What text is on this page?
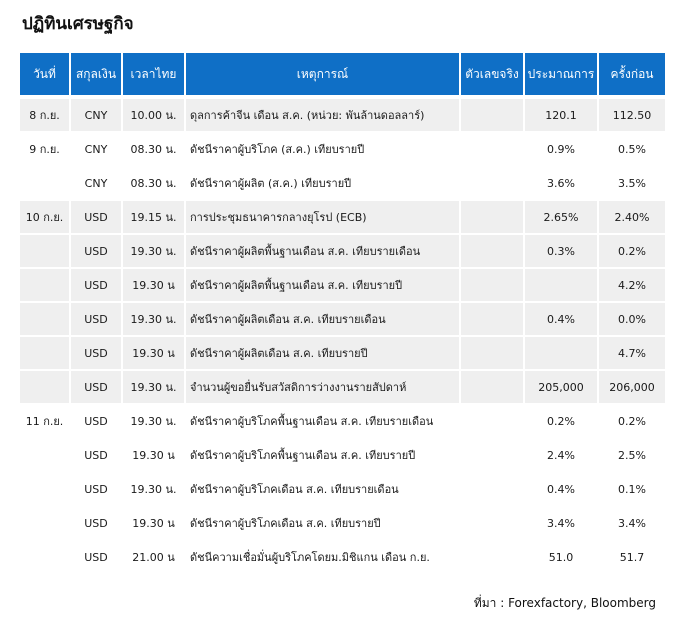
ปฏิทินเศรษฐกิจ
วันที่	สกุลเงิน	เวลาไทย	เหตุการณ์	ตัวเลขจริง	ประมาณการ	ครั้งก่อน
8 ก.ย.	CNY	10.00 น.	ดุลการค้าจีน เดือน ส.ค. (หน่วย: พันล้านดอลลาร์)		120.1	112.50
9 ก.ย.	CNY	08.30 น.	ดัชนีราคาผู้บริโภค (ส.ค.) เทียบรายปี		0.9%	0.5%
	CNY	08.30 น.	ดัชนีราคาผู้ผลิต (ส.ค.) เทียบรายปี		3.6%	3.5%
10 ก.ย.	USD	19.15 น.	การประชุมธนาคารกลางยุโรป (ECB)		2.65%	2.40%
	USD	19.30 น.	ดัชนีราคาผู้ผลิตพื้นฐานเดือน ส.ค. เทียบรายเดือน		0.3%	0.2%
	USD	19.30 น	ดัชนีราคาผู้ผลิตพื้นฐานเดือน ส.ค. เทียบรายปี			4.2%
	USD	19.30 น.	ดัชนีราคาผู้ผลิตเดือน ส.ค. เทียบรายเดือน		0.4%	0.0%
	USD	19.30 น	ดัชนีราคาผู้ผลิตเดือน ส.ค. เทียบรายปี			4.7%
	USD	19.30 น.	จำนวนผู้ขอยื่นรับสวัสดิการว่างงานรายสัปดาห์		205,000	206,000
11 ก.ย.	USD	19.30 น.	ดัชนีราคาผู้บริโภคพื้นฐานเดือน ส.ค. เทียบรายเดือน		0.2%	0.2%
	USD	19.30 น	ดัชนีราคาผู้บริโภคพื้นฐานเดือน ส.ค. เทียบรายปี		2.4%	2.5%
	USD	19.30 น.	ดัชนีราคาผู้บริโภคเดือน ส.ค. เทียบรายเดือน		0.4%	0.1%
	USD	19.30 น	ดัชนีราคาผู้บริโภคเดือน ส.ค. เทียบรายปี		3.4%	3.4%
	USD	21.00 น	ดัชนีความเชื่อมั่นผู้บริโภคโดยม.มิชิแกน เดือน ก.ย.		51.0	51.7
ที่มา : Forexfactory, Bloomberg
